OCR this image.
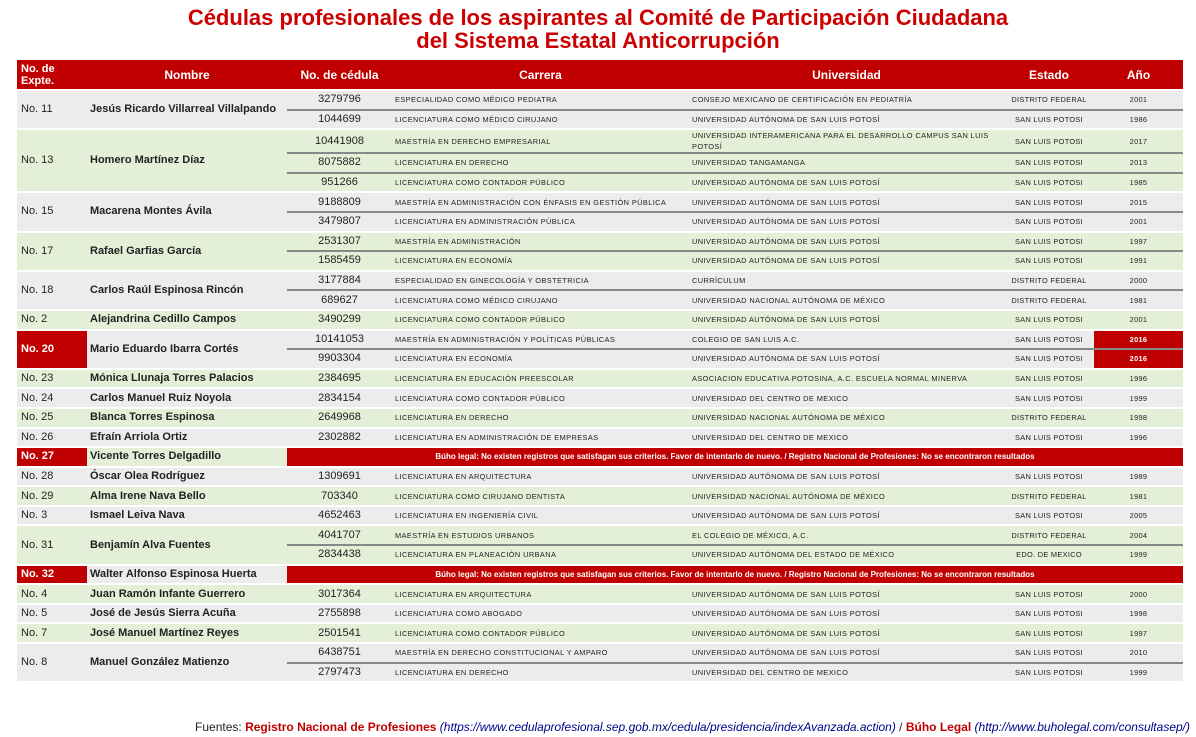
Cédulas profesionales de los aspirantes al Comité de Participación Ciudadana
del Sistema Estatal Anticorrupción
No. de Expte.	Nombre	No. de cédula	Carrera	Universidad	Estado	Año
No. 11	Jesús Ricardo Villarreal Villalpando	3279796	ESPECIALIDAD COMO MÉDICO PEDIATRA	CONSEJO MEXICANO DE CERTIFICACIÓN EN PEDIATRÍA	DISTRITO FEDERAL	2001
		1044699	LICENCIATURA COMO MÉDICO CIRUJANO	UNIVERSIDAD AUTÓNOMA DE SAN LUIS POTOSÍ	SAN LUIS POTOSI	1986
No. 13	Homero Martínez Díaz	10441908	MAESTRÍA EN DERECHO EMPRESARIAL	UNIVERSIDAD INTERAMERICANA PARA EL DESARROLLO CAMPUS SAN LUIS POTOSÍ	SAN LUIS POTOSI	2017
		8075882	LICENCIATURA EN DERECHO	UNIVERSIDAD TANGAMANGA	SAN LUIS POTOSI	2013
		951266	LICENCIATURA COMO CONTADOR PÚBLICO	UNIVERSIDAD AUTÓNOMA DE SAN LUIS POTOSÍ	SAN LUIS POTOSI	1985
No. 15	Macarena Montes Ávila	9188809	MAESTRÍA EN ADMINISTRACIÓN CON ÉNFASIS EN GESTIÓN PÚBLICA	UNIVERSIDAD AUTÓNOMA DE SAN LUIS POTOSÍ	SAN LUIS POTOSI	2015
		3479807	LICENCIATURA EN ADMINISTRACIÓN PÚBLICA	UNIVERSIDAD AUTÓNOMA DE SAN LUIS POTOSÍ	SAN LUIS POTOSI	2001
No. 17	Rafael Garfias García	2531307	MAESTRÍA EN ADMINISTRACIÓN	UNIVERSIDAD AUTÓNOMA DE SAN LUIS POTOSÍ	SAN LUIS POTOSI	1997
		1585459	LICENCIATURA EN ECONOMÍA	UNIVERSIDAD AUTÓNOMA DE SAN LUIS POTOSÍ	SAN LUIS POTOSI	1991
No. 18	Carlos Raúl Espinosa Rincón	3177884	ESPECIALIDAD EN GINECOLOGÍA Y OBSTETRICIA	CURRÍCULUM	DISTRITO FEDERAL	2000
		689627	LICENCIATURA COMO MÉDICO CIRUJANO	UNIVERSIDAD NACIONAL AUTÓNOMA DE MÉXICO	DISTRITO FEDERAL	1981
No. 2	Alejandrina Cedillo Campos	3490299	LICENCIATURA COMO CONTADOR PÚBLICO	UNIVERSIDAD AUTÓNOMA DE SAN LUIS POTOSÍ	SAN LUIS POTOSI	2001
No. 20	Mario Eduardo Ibarra Cortés	10141053	MAESTRÍA EN ADMINISTRACIÓN Y POLÍTICAS PÚBLICAS	COLEGIO DE SAN LUIS A.C.	SAN LUIS POTOSI	2016
		9903304	LICENCIATURA EN ECONOMÍA	UNIVERSIDAD AUTÓNOMA DE SAN LUIS POTOSÍ	SAN LUIS POTOSI	2016
No. 23	Mónica Llunaja Torres Palacios	2384695	LICENCIATURA EN EDUCACIÓN PREESCOLAR	ASOCIACION EDUCATIVA POTOSINA, A.C. ESCUELA NORMAL MINERVA	SAN LUIS POTOSI	1996
No. 24	Carlos Manuel Ruiz Noyola	2834154	LICENCIATURA COMO CONTADOR PÚBLICO	UNIVERSIDAD DEL CENTRO DE MEXICO	SAN LUIS POTOSI	1999
No. 25	Blanca Torres Espinosa	2649968	LICENCIATURA EN DERECHO	UNIVERSIDAD NACIONAL AUTÓNOMA DE MÉXICO	DISTRITO FEDERAL	1998
No. 26	Efraín Arriola Ortiz	2302882	LICENCIATURA EN ADMINISTRACIÓN DE EMPRESAS	UNIVERSIDAD DEL CENTRO DE MEXICO	SAN LUIS POTOSI	1996
No. 27	Vicente Torres Delgadillo	Búho legal: No existen registros que satisfagan sus criterios. Favor de intentarlo de nuevo. / Registro Nacional de Profesiones: No se encontraron resultados				
No. 28	Óscar Olea Rodríguez	1309691	LICENCIATURA EN ARQUITECTURA	UNIVERSIDAD AUTÓNOMA DE SAN LUIS POTOSÍ	SAN LUIS POTOSI	1989
No. 29	Alma Irene Nava Bello	703340	LICENCIATURA COMO CIRUJANO DENTISTA	UNIVERSIDAD NACIONAL AUTÓNOMA DE MÉXICO	DISTRITO FEDERAL	1981
No. 3	Ismael Leiva Nava	4652463	LICENCIATURA EN INGENIERÍA CIVIL	UNIVERSIDAD AUTÓNOMA DE SAN LUIS POTOSÍ	SAN LUIS POTOSI	2005
No. 31	Benjamín Alva Fuentes	4041707	MAESTRÍA EN ESTUDIOS URBANOS	EL COLEGIO DE MÉXICO, A.C.	DISTRITO FEDERAL	2004
		2834438	LICENCIATURA EN PLANEACIÓN URBANA	UNIVERSIDAD AUTÓNOMA DEL ESTADO DE MÉXICO	EDO. DE MEXICO	1999
No. 32	Walter Alfonso Espinosa Huerta	Búho legal: No existen registros que satisfagan sus criterios. Favor de intentarlo de nuevo. / Registro Nacional de Profesiones: No se encontraron resultados				
No. 4	Juan Ramón Infante Guerrero	3017364	LICENCIATURA EN ARQUITECTURA	UNIVERSIDAD AUTÓNOMA DE SAN LUIS POTOSÍ	SAN LUIS POTOSI	2000
No. 5	José de Jesús Sierra Acuña	2755898	LICENCIATURA COMO ABOGADO	UNIVERSIDAD AUTÓNOMA DE SAN LUIS POTOSÍ	SAN LUIS POTOSI	1998
No. 7	José Manuel Martínez Reyes	2501541	LICENCIATURA COMO CONTADOR PÚBLICO	UNIVERSIDAD AUTÓNOMA DE SAN LUIS POTOSÍ	SAN LUIS POTOSI	1997
No. 8	Manuel González Matienzo	6438751	MAESTRÍA EN DERECHO CONSTITUCIONAL Y AMPARO	UNIVERSIDAD AUTÓNOMA DE SAN LUIS POTOSÍ	SAN LUIS POTOSI	2010
		2797473	LICENCIATURA EN DERECHO	UNIVERSIDAD DEL CENTRO DE MEXICO	SAN LUIS POTOSI	1999
Fuentes: Registro Nacional de Profesiones (https://www.cedulaprofesional.sep.gob.mx/cedula/presidencia/indexAvanzada.action) / Búho Legal (http://www.buholegal.com/consultasep/)
